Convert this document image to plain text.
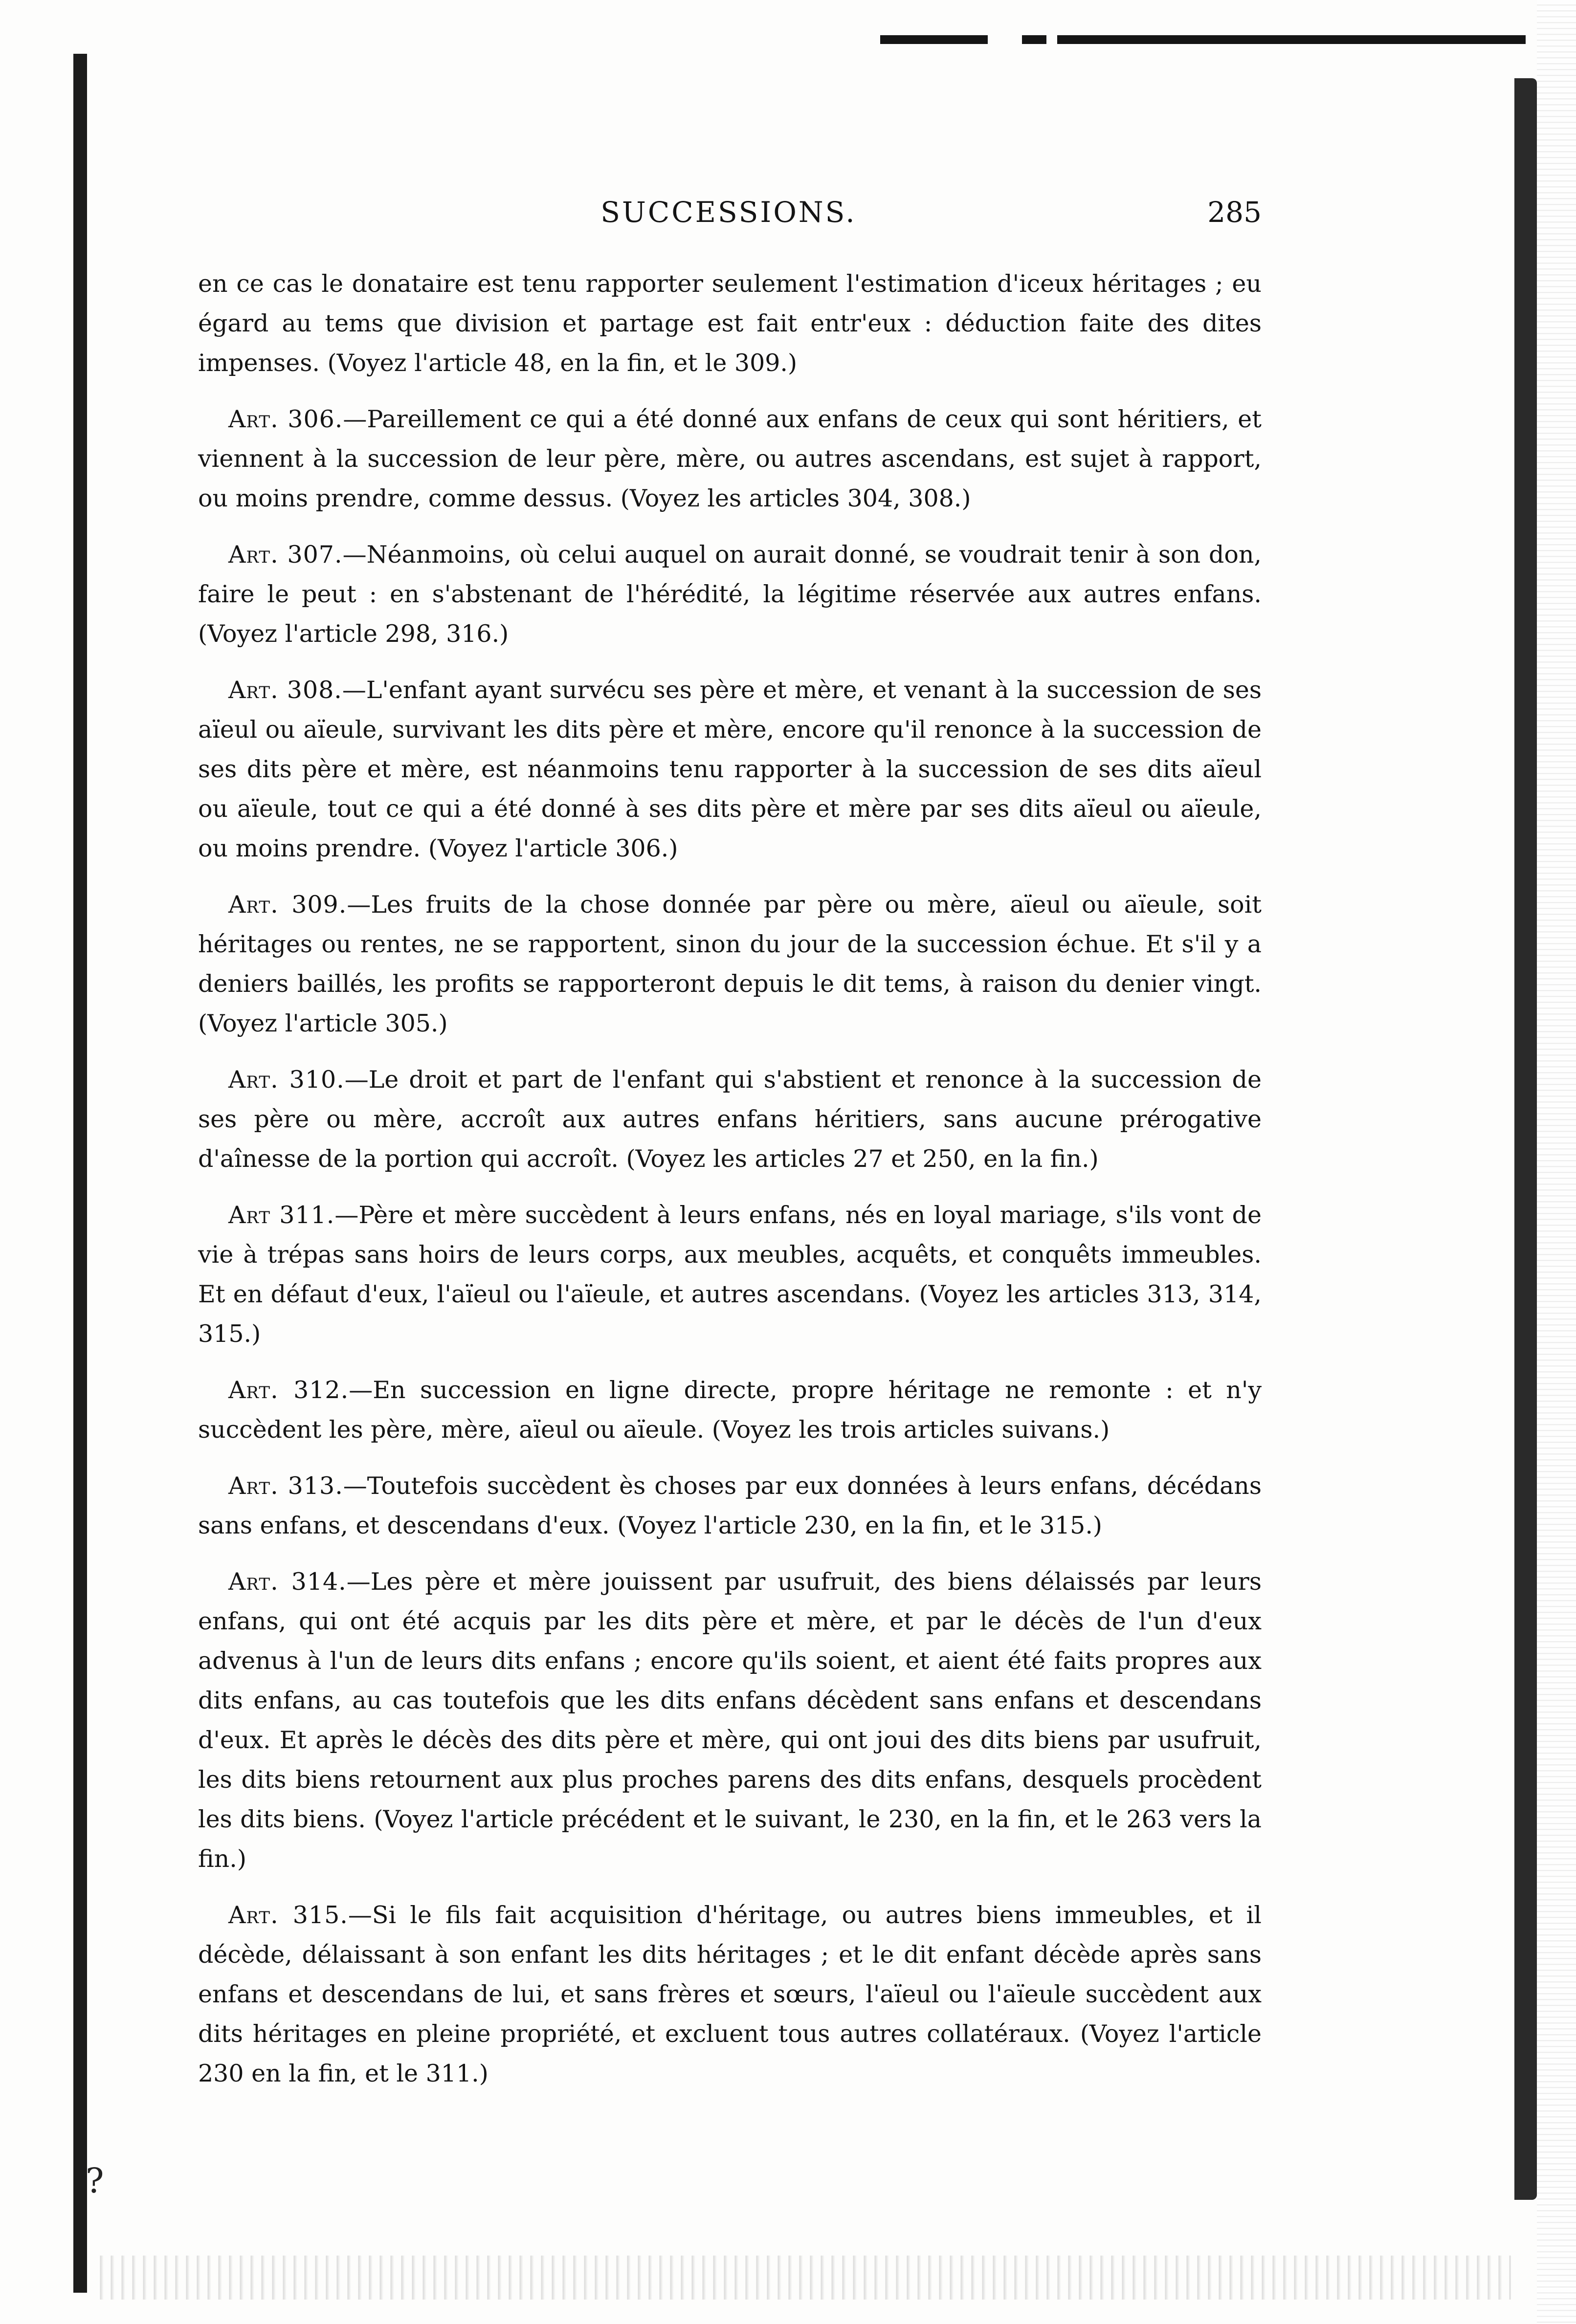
SUCCESSIONS.	285

en ce cas le donataire est tenu rapporter seulement l'estimation d'iceux héritages ; eu égard au tems que division et partage est fait entr'eux : déduction faite des dites impenses. (Voyez l'article 48, en la fin, et le 309.)

Art. 306.—Pareillement ce qui a été donné aux enfans de ceux qui sont héritiers, et viennent à la succession de leur père, mère, ou autres ascendans, est sujet à rapport, ou moins prendre, comme dessus. (Voyez les articles 304, 308.)

Art. 307.—Néanmoins, où celui auquel on aurait donné, se voudrait tenir à son don, faire le peut : en s'abstenant de l'hérédité, la légitime réservée aux autres enfans. (Voyez l'article 298, 316.)

Art. 308.—L'enfant ayant survécu ses père et mère, et venant à la succession de ses aïeul ou aïeule, survivant les dits père et mère, encore qu'il renonce à la succession de ses dits père et mère, est néanmoins tenu rapporter à la succession de ses dits aïeul ou aïeule, tout ce qui a été donné à ses dits père et mère par ses dits aïeul ou aïeule, ou moins prendre. (Voyez l'article 306.)

Art. 309.—Les fruits de la chose donnée par père ou mère, aïeul ou aïeule, soit héritages ou rentes, ne se rapportent, sinon du jour de la succession échue. Et s'il y a deniers baillés, les profits se rapporteront depuis le dit tems, à raison du denier vingt. (Voyez l'article 305.)

Art. 310.—Le droit et part de l'enfant qui s'abstient et renonce à la succession de ses père ou mère, accroît aux autres enfans héritiers, sans aucune prérogative d'aînesse de la portion qui accroît. (Voyez les articles 27 et 250, en la fin.)

Art 311.—Père et mère succèdent à leurs enfans, nés en loyal mariage, s'ils vont de vie à trépas sans hoirs de leurs corps, aux meubles, acquêts, et conquêts immeubles. Et en défaut d'eux, l'aïeul ou l'aïeule, et autres ascendans. (Voyez les articles 313, 314, 315.)

Art. 312.—En succession en ligne directe, propre héritage ne remonte : et n'y succèdent les père, mère, aïeul ou aïeule. (Voyez les trois articles suivans.)

Art. 313.—Toutefois succèdent ès choses par eux données à leurs enfans, décédans sans enfans, et descendans d'eux. (Voyez l'article 230, en la fin, et le 315.)

Art. 314.—Les père et mère jouissent par usufruit, des biens délaissés par leurs enfans, qui ont été acquis par les dits père et mère, et par le décès de l'un d'eux advenus à l'un de leurs dits enfans ; encore qu'ils soient, et aient été faits propres aux dits enfans, au cas toutefois que les dits enfans décèdent sans enfans et descendans d'eux. Et après le décès des dits père et mère, qui ont joui des dits biens par usufruit, les dits biens retournent aux plus proches parens des dits enfans, desquels procèdent les dits biens. (Voyez l'article précédent et le suivant, le 230, en la fin, et le 263 vers la fin.)

Art. 315.—Si le fils fait acquisition d'héritage, ou autres biens immeubles, et il décède, délaissant à son enfant les dits héritages ; et le dit enfant décède après sans enfans et descendans de lui, et sans frères et sœurs, l'aïeul ou l'aïeule succèdent aux dits héritages en pleine propriété, et excluent tous autres collatéraux. (Voyez l'article 230 en la fin, et le 311.)

?
